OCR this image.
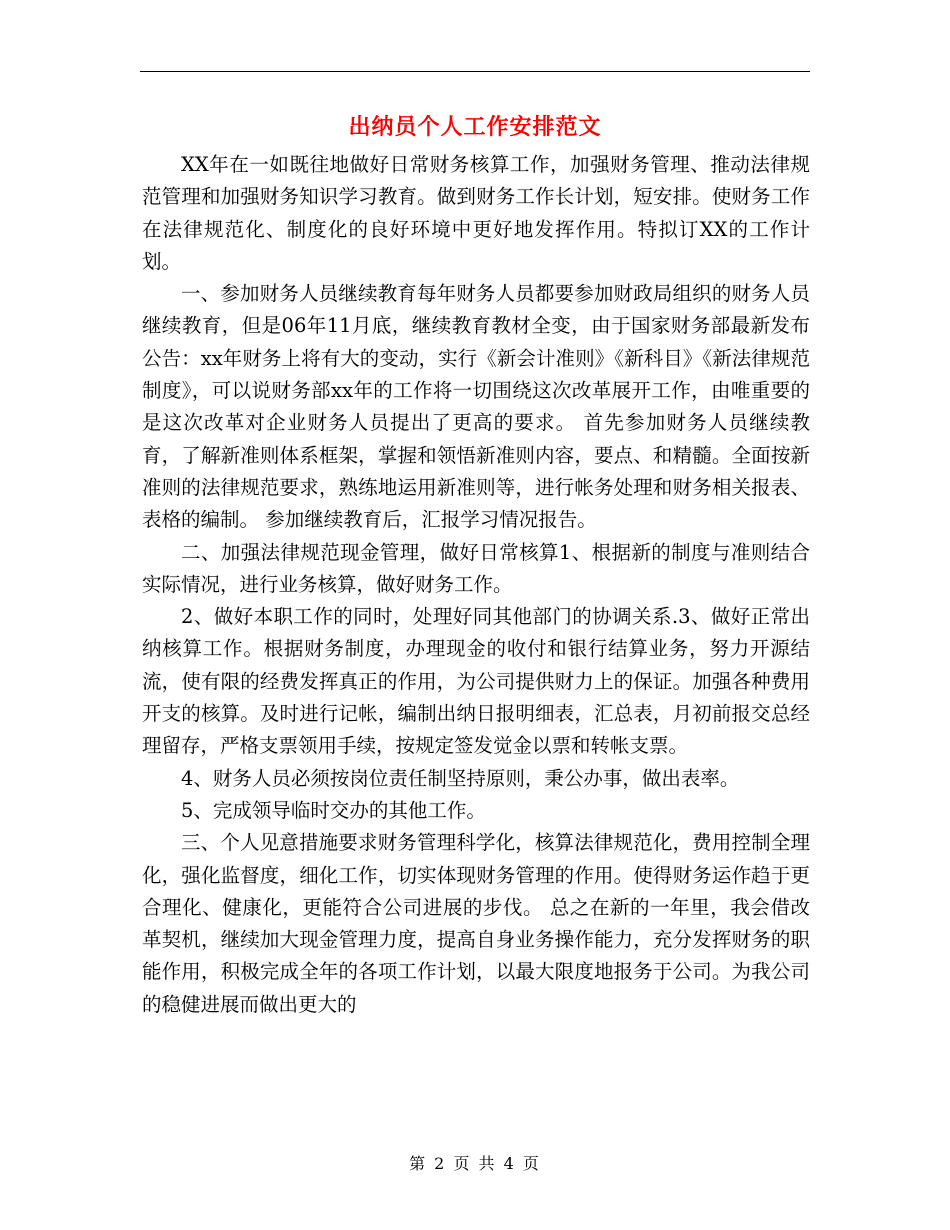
出纳员个人工作安排范文

XX年在一如既往地做好日常财务核算工作，加强财务管理、推动法律规范管理和加强财务知识学习教育。做到财务工作长计划，短安排。使财务工作在法律规范化、制度化的良好环境中更好地发挥作用。特拟订XX的工作计划。

一、参加财务人员继续教育每年财务人员都要参加财政局组织的财务人员继续教育，但是06年11月底，继续教育教材全变，由于国家财务部最新发布公告：xx年财务上将有大的变动，实行《新会计准则》《新科目》《新法律规范制度》，可以说财务部xx年的工作将一切围绕这次改革展开工作，由唯重要的是这次改革对企业财务人员提出了更高的要求。 首先参加财务人员继续教育，了解新准则体系框架，掌握和领悟新准则内容，要点、和精髓。全面按新准则的法律规范要求，熟练地运用新准则等，进行帐务处理和财务相关报表、表格的编制。 参加继续教育后，汇报学习情况报告。

二、加强法律规范现金管理，做好日常核算1、根据新的制度与准则结合实际情况，进行业务核算，做好财务工作。

2、做好本职工作的同时，处理好同其他部门的协调关系.3、做好正常出纳核算工作。根据财务制度，办理现金的收付和银行结算业务，努力开源结流，使有限的经费发挥真正的作用，为公司提供财力上的保证。加强各种费用开支的核算。及时进行记帐，编制出纳日报明细表，汇总表，月初前报交总经理留存，严格支票领用手续，按规定签发觉金以票和转帐支票。

4、财务人员必须按岗位责任制坚持原则，秉公办事，做出表率。

5、完成领导临时交办的其他工作。

三、个人见意措施要求财务管理科学化，核算法律规范化，费用控制全理化，强化监督度，细化工作，切实体现财务管理的作用。使得财务运作趋于更合理化、健康化，更能符合公司进展的步伐。 总之在新的一年里，我会借改革契机，继续加大现金管理力度，提高自身业务操作能力，充分发挥财务的职能作用，积极完成全年的各项工作计划，以最大限度地报务于公司。为我公司的稳健进展而做出更大的

第 2 页 共 4 页
